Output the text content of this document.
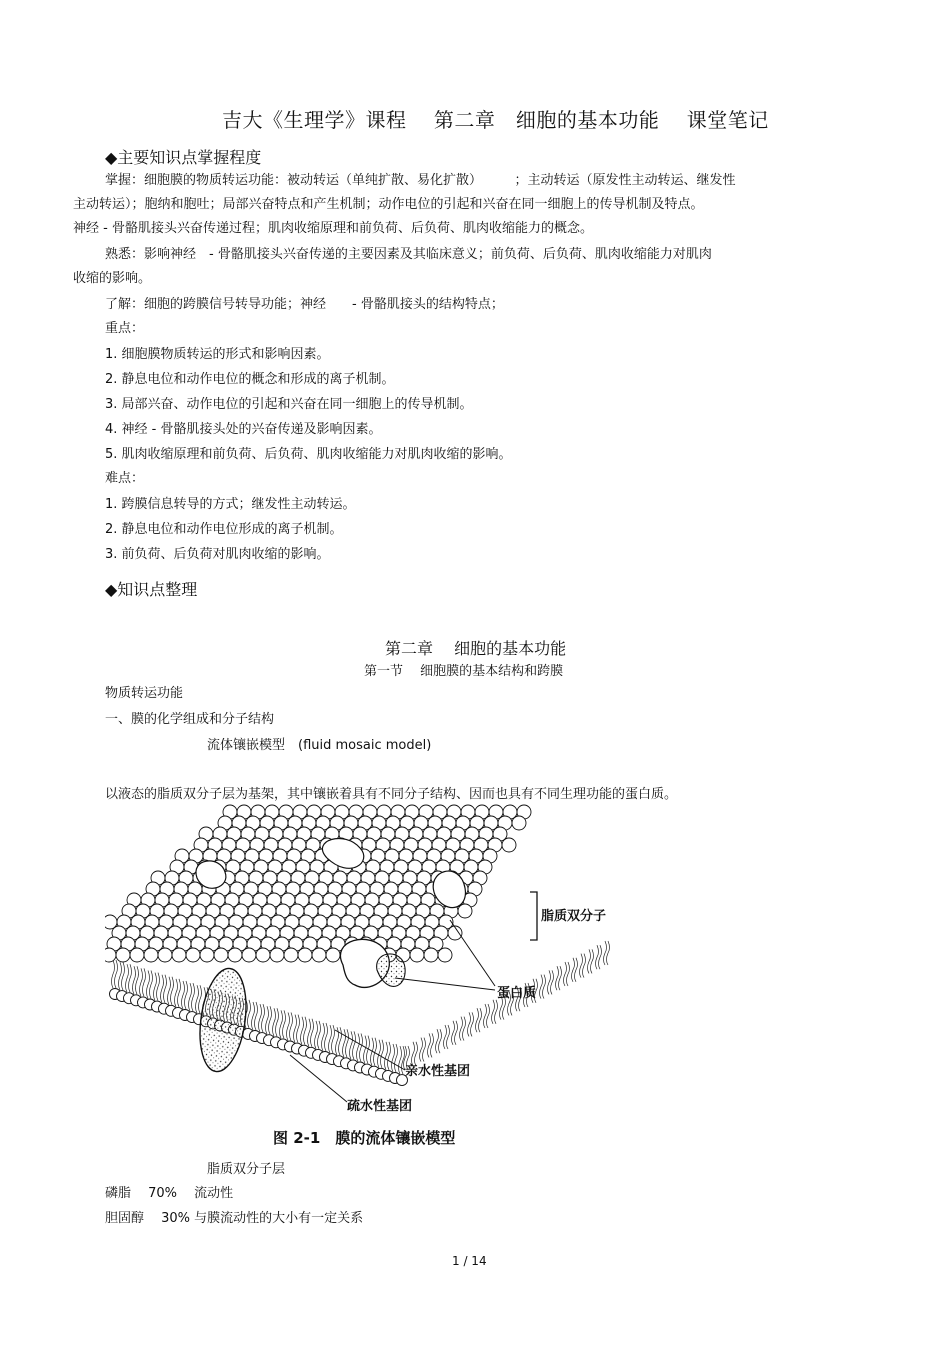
吉大《生理学》课程　 第二章　细胞的基本功能　 课堂笔记
◆主要知识点掌握程度
掌握：细胞膜的物质转运功能：被动转运（单纯扩散、易化扩散）　　　；主动转运（原发性主动转运、继发性
主动转运）；胞纳和胞吐；局部兴奋特点和产生机制；动作电位的引起和兴奋在同一细胞上的传导机制及特点。
神经 - 骨骼肌接头兴奋传递过程；肌肉收缩原理和前负荷、后负荷、肌肉收缩能力的概念。
熟悉：影响神经　- 骨骼肌接头兴奋传递的主要因素及其临床意义；前负荷、后负荷、肌肉收缩能力对肌肉
收缩的影响。
了解：细胞的跨膜信号转导功能；神经　　- 骨骼肌接头的结构特点；
重点：
1. 细胞膜物质转运的形式和影响因素。
2. 静息电位和动作电位的概念和形成的离子机制。
3. 局部兴奋、动作电位的引起和兴奋在同一细胞上的传导机制。
4. 神经 - 骨骼肌接头处的兴奋传递及影响因素。
5. 肌肉收缩原理和前负荷、后负荷、肌肉收缩能力对肌肉收缩的影响。
难点：
1. 跨膜信息转导的方式；继发性主动转运。
2. 静息电位和动作电位形成的离子机制。
3. 前负荷、后负荷对肌肉收缩的影响。
◆知识点整理
第二章　 细胞的基本功能
第一节　 细胞膜的基本结构和跨膜
物质转运功能
一、膜的化学组成和分子结构
流体镶嵌模型　(fluid mosaic model)
以液态的脂质双分子层为基架，其中镶嵌着具有不同分子结构、因而也具有不同生理功能的蛋白质。
脂质双分子
蛋白质
亲水性基团
疏水性基团
图 2-1　膜的流体镶嵌模型
脂质双分子层
磷脂　 70%　 流动性
胆固醇　 30% 与膜流动性的大小有一定关系
1 / 14
